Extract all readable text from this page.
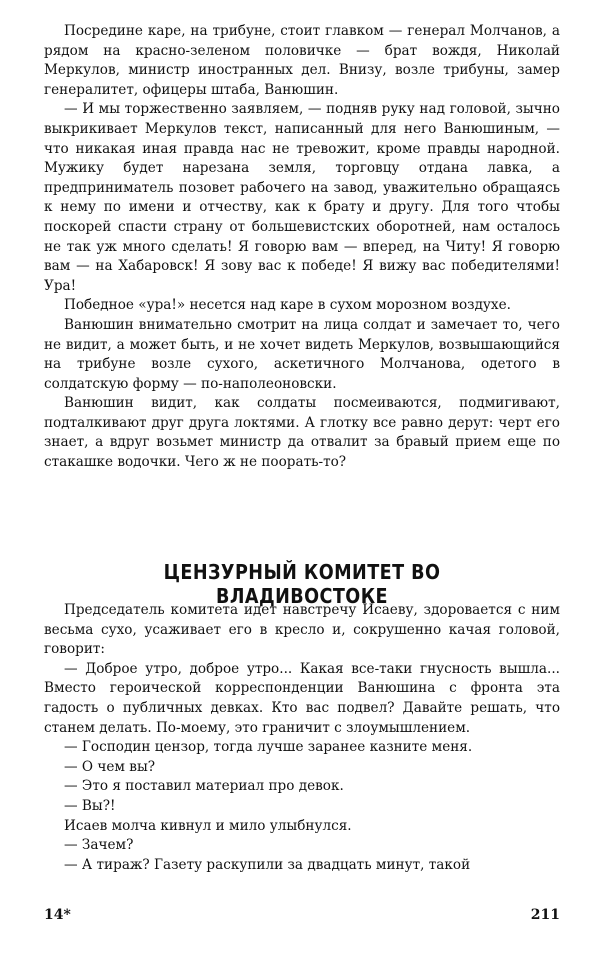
Посредине каре, на трибуне, стоит главком — генерал Молчанов, а рядом на красно-зеленом половичке — брат вождя, Николай Меркулов, министр иностранных дел. Внизу, возле трибуны, замер генералитет, офицеры штаба, Ванюшин.

— И мы торжественно заявляем, — подняв руку над головой, зычно выкрикивает Меркулов текст, написанный для него Ванюшиным, — что никакая иная правда нас не тревожит, кроме правды народной. Мужику будет нарезана земля, торговцу отдана лавка, а предприниматель позовет рабочего на завод, уважительно обращаясь к нему по имени и отчеству, как к брату и другу. Для того чтобы поскорей спасти страну от большевистских оборотней, нам осталось не так уж много сделать! Я говорю вам — вперед, на Читу! Я говорю вам — на Хабаровск! Я зову вас к победе! Я вижу вас победителями! Ура!

Победное «ура!» несется над каре в сухом морозном воздухе.

Ванюшин внимательно смотрит на лица солдат и замечает то, чего не видит, а может быть, и не хочет видеть Меркулов, возвышающийся на трибуне возле сухого, аскетичного Молчанова, одетого в солдатскую форму — по-наполеоновски.

Ванюшин видит, как солдаты посмеиваются, подмигивают, подталкивают друг друга локтями. А глотку все равно дерут: черт его знает, а вдруг возьмет министр да отвалит за бравый прием еще по стакашке водочки. Чего ж не поорать-то?

ЦЕНЗУРНЫЙ КОМИТЕТ ВО ВЛАДИВОСТОКЕ

Председатель комитета идет навстречу Исаеву, здоровается с ним весьма сухо, усаживает его в кресло и, сокрушенно качая головой, говорит:

— Доброе утро, доброе утро... Какая все-таки гнусность вышла... Вместо героической корреспонденции Ванюшина с фронта эта гадость о публичных девках. Кто вас подвел? Давайте решать, что станем делать. По-моему, это граничит с злоумышлением.

— Господин цензор, тогда лучше заранее казните меня.

— О чем вы?

— Это я поставил материал про девок.

— Вы?!

Исаев молча кивнул и мило улыбнулся.

— Зачем?

— А тираж? Газету раскупили за двадцать минут, такой

14*	211
